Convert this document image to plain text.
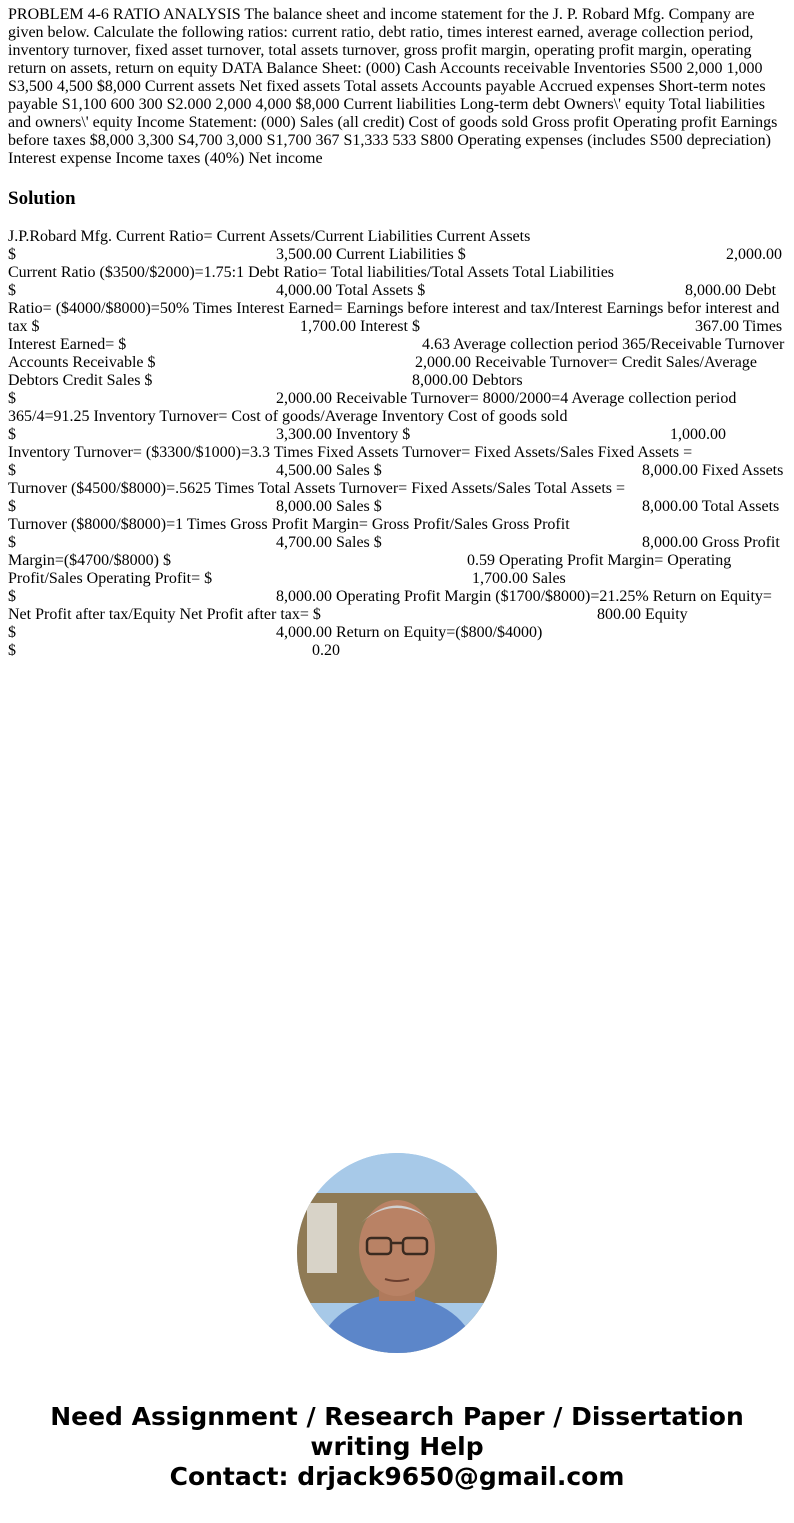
PROBLEM 4-6 RATIO ANALYSIS The balance sheet and income statement for the J. P. Robard Mfg. Company are given below. Calculate the following ratios: current ratio, debt ratio, times interest earned, average collection period, inventory turnover, fixed asset turnover, total assets turnover, gross profit margin, operating profit margin, operating return on assets, return on equity DATA Balance Sheet: (000) Cash Accounts receivable Inventories S500 2,000 1,000 S3,500 4,500 $8,000 Current assets Net fixed assets Total assets Accounts payable Accrued expenses Short-term notes payable S1,100 600 300 S2.000 2,000 4,000 $8,000 Current liabilities Long-term debt Owners\' equity Total liabilities and owners\' equity Income Statement: (000) Sales (all credit) Cost of goods sold Gross profit Operating profit Earnings before taxes $8,000 3,300 S4,700 3,000 S1,700 367 S1,333 533 S800 Operating expenses (includes S500 depreciation) Interest expense Income taxes (40%) Net income

Solution
J.P.Robard Mfg. Current Ratio= Current Assets/Current Liabilities Current Assets
$	3,500.00 Current Liabilities $	2,000.00
Current Ratio ($3500/$2000)=1.75:1 Debt Ratio= Total liabilities/Total Assets Total Liabilities
$	4,000.00 Total Assets $	8,000.00 Debt
Ratio= ($4000/$8000)=50% Times Interest Earned= Earnings before interest and tax/Interest Earnings befor interest and
tax $	1,700.00 Interest $	367.00 Times
Interest Earned= $	4.63 Average collection period 365/Receivable Turnover
Accounts Receivable $	2,000.00 Receivable Turnover= Credit Sales/Average
Debtors Credit Sales $	8,000.00 Debtors
$	2,000.00 Receivable Turnover= 8000/2000=4 Average collection period
365/4=91.25 Inventory Turnover= Cost of goods/Average Inventory Cost of goods sold
$	3,300.00 Inventory $	1,000.00
Inventory Turnover= ($3300/$1000)=3.3 Times Fixed Assets Turnover= Fixed Assets/Sales Fixed Assets =
$	4,500.00 Sales $	8,000.00 Fixed Assets
Turnover ($4500/$8000)=.5625 Times Total Assets Turnover= Fixed Assets/Sales Total Assets =
$	8,000.00 Sales $	8,000.00 Total Assets
Turnover ($8000/$8000)=1 Times Gross Profit Margin= Gross Profit/Sales Gross Profit
$	4,700.00 Sales $	8,000.00 Gross Profit
Margin=($4700/$8000) $	0.59 Operating Profit Margin= Operating
Profit/Sales Operating Profit= $	1,700.00 Sales
$	8,000.00 Operating Profit Margin ($1700/$8000)=21.25% Return on Equity=
Net Profit after tax/Equity Net Profit after tax= $	800.00 Equity
$	4,000.00 Return on Equity=($800/$4000)
$	0.20
Need Assignment / Research Paper / Dissertation
writing Help
Contact: drjack9650@gmail.com
